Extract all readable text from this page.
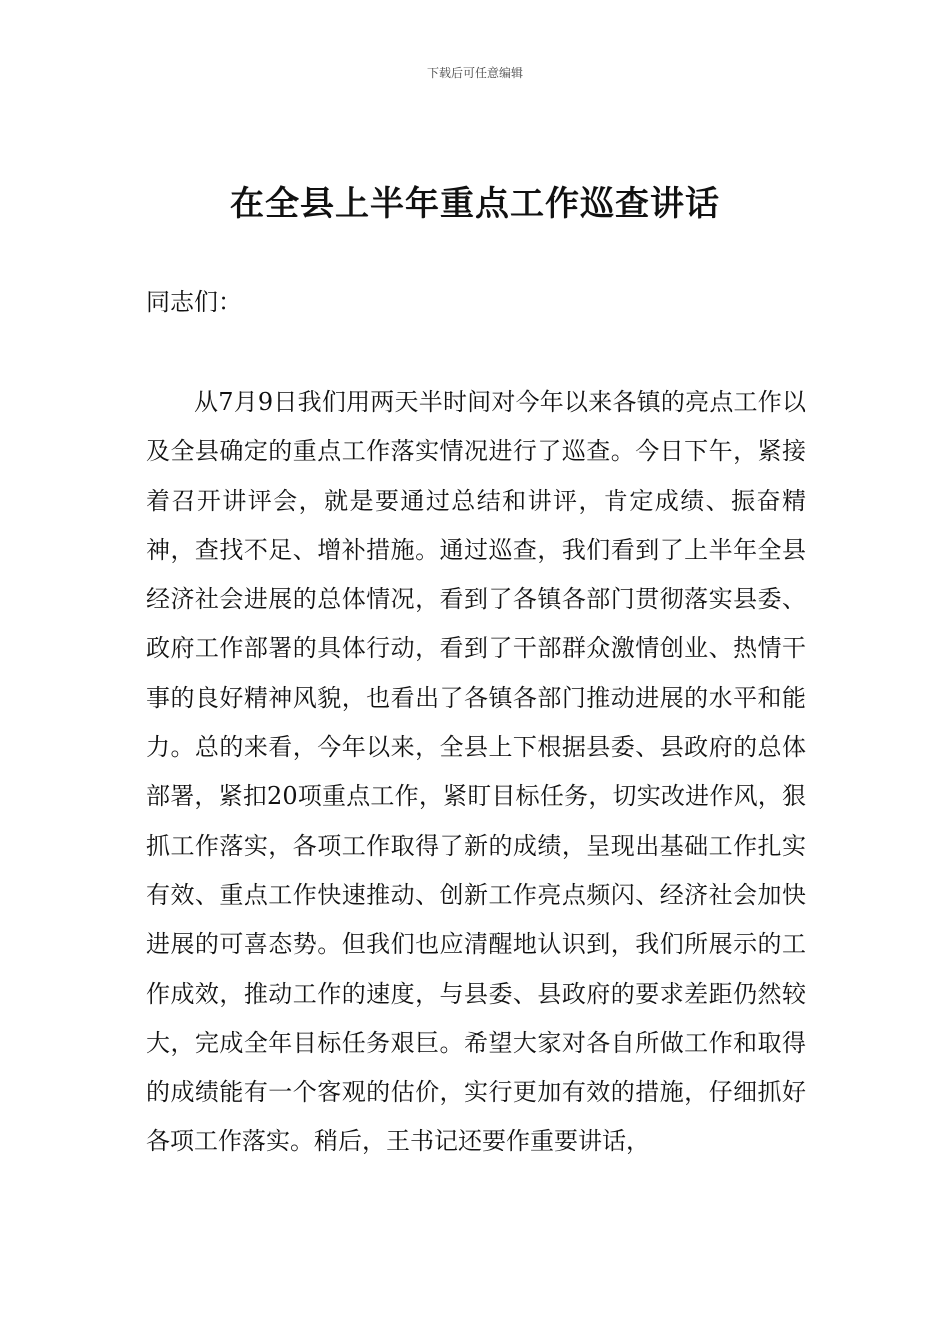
下载后可任意编辑
在全县上半年重点工作巡查讲话

同志们：

从7月9日我们用两天半时间对今年以来各镇的亮点工作以及全县确定的重点工作落实情况进行了巡查。今日下午，紧接着召开讲评会，就是要通过总结和讲评，肯定成绩、振奋精神，查找不足、增补措施。通过巡查，我们看到了上半年全县经济社会进展的总体情况，看到了各镇各部门贯彻落实县委、政府工作部署的具体行动，看到了干部群众激情创业、热情干事的良好精神风貌，也看出了各镇各部门推动进展的水平和能力。总的来看，今年以来，全县上下根据县委、县政府的总体部署，紧扣20项重点工作，紧盯目标任务，切实改进作风，狠抓工作落实，各项工作取得了新的成绩，呈现出基础工作扎实有效、重点工作快速推动、创新工作亮点频闪、经济社会加快进展的可喜态势。但我们也应清醒地认识到，我们所展示的工作成效，推动工作的速度，与县委、县政府的要求差距仍然较大，完成全年目标任务艰巨。希望大家对各自所做工作和取得的成绩能有一个客观的估价，实行更加有效的措施，仔细抓好各项工作落实。稍后，王书记还要作重要讲话，
